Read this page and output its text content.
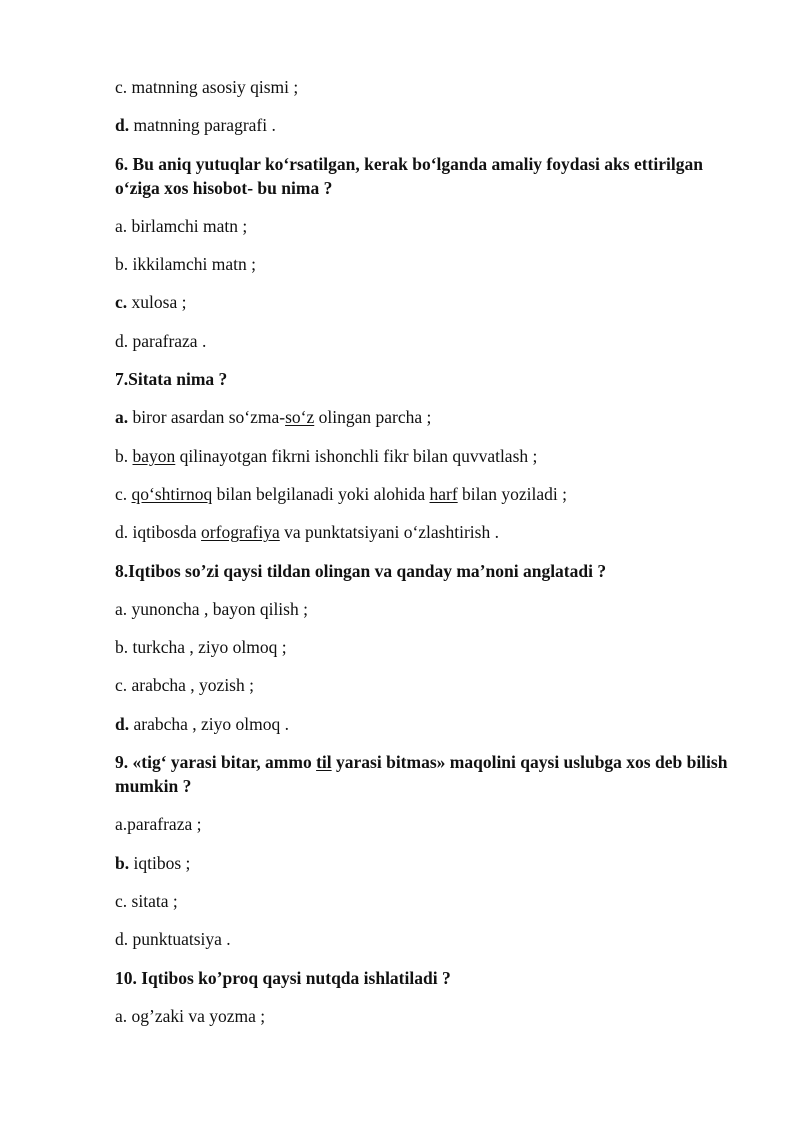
c. matnning asosiy qismi ;

d. matnning paragrafi .

6. Bu aniq yutuqlar ko‘rsatilgan, kerak bo‘lganda amaliy foydasi aks ettirilgan o‘ziga xos hisobot- bu nima ?

a. birlamchi matn ;

b. ikkilamchi matn ;

c. xulosa ;

d. parafraza .

7.Sitata nima ?

a. biror asardan so‘zma-so‘z olingan parcha ;

b. bayon qilinayotgan fikrni ishonchli fikr bilan quvvatlash ;

c. qo‘shtirnoq bilan belgilanadi yoki alohida harf bilan yoziladi ;

d. iqtibosda orfografiya va punktatsiyani o‘zlashtirish .

8.Iqtibos so’zi qaysi tildan olingan va qanday ma’noni anglatadi ?

a. yunoncha , bayon qilish ;

b. turkcha , ziyo olmoq ;

c. arabcha , yozish ;

d. arabcha , ziyo olmoq .

9. «tig‘ yarasi bitar, ammo til yarasi bitmas» maqolini qaysi uslubga xos deb bilish mumkin ?

a.parafraza ;

b. iqtibos ;

c. sitata ;

d. punktuatsiya .

10. Iqtibos ko’proq qaysi nutqda ishlatiladi ?

a. og’zaki va yozma ;
